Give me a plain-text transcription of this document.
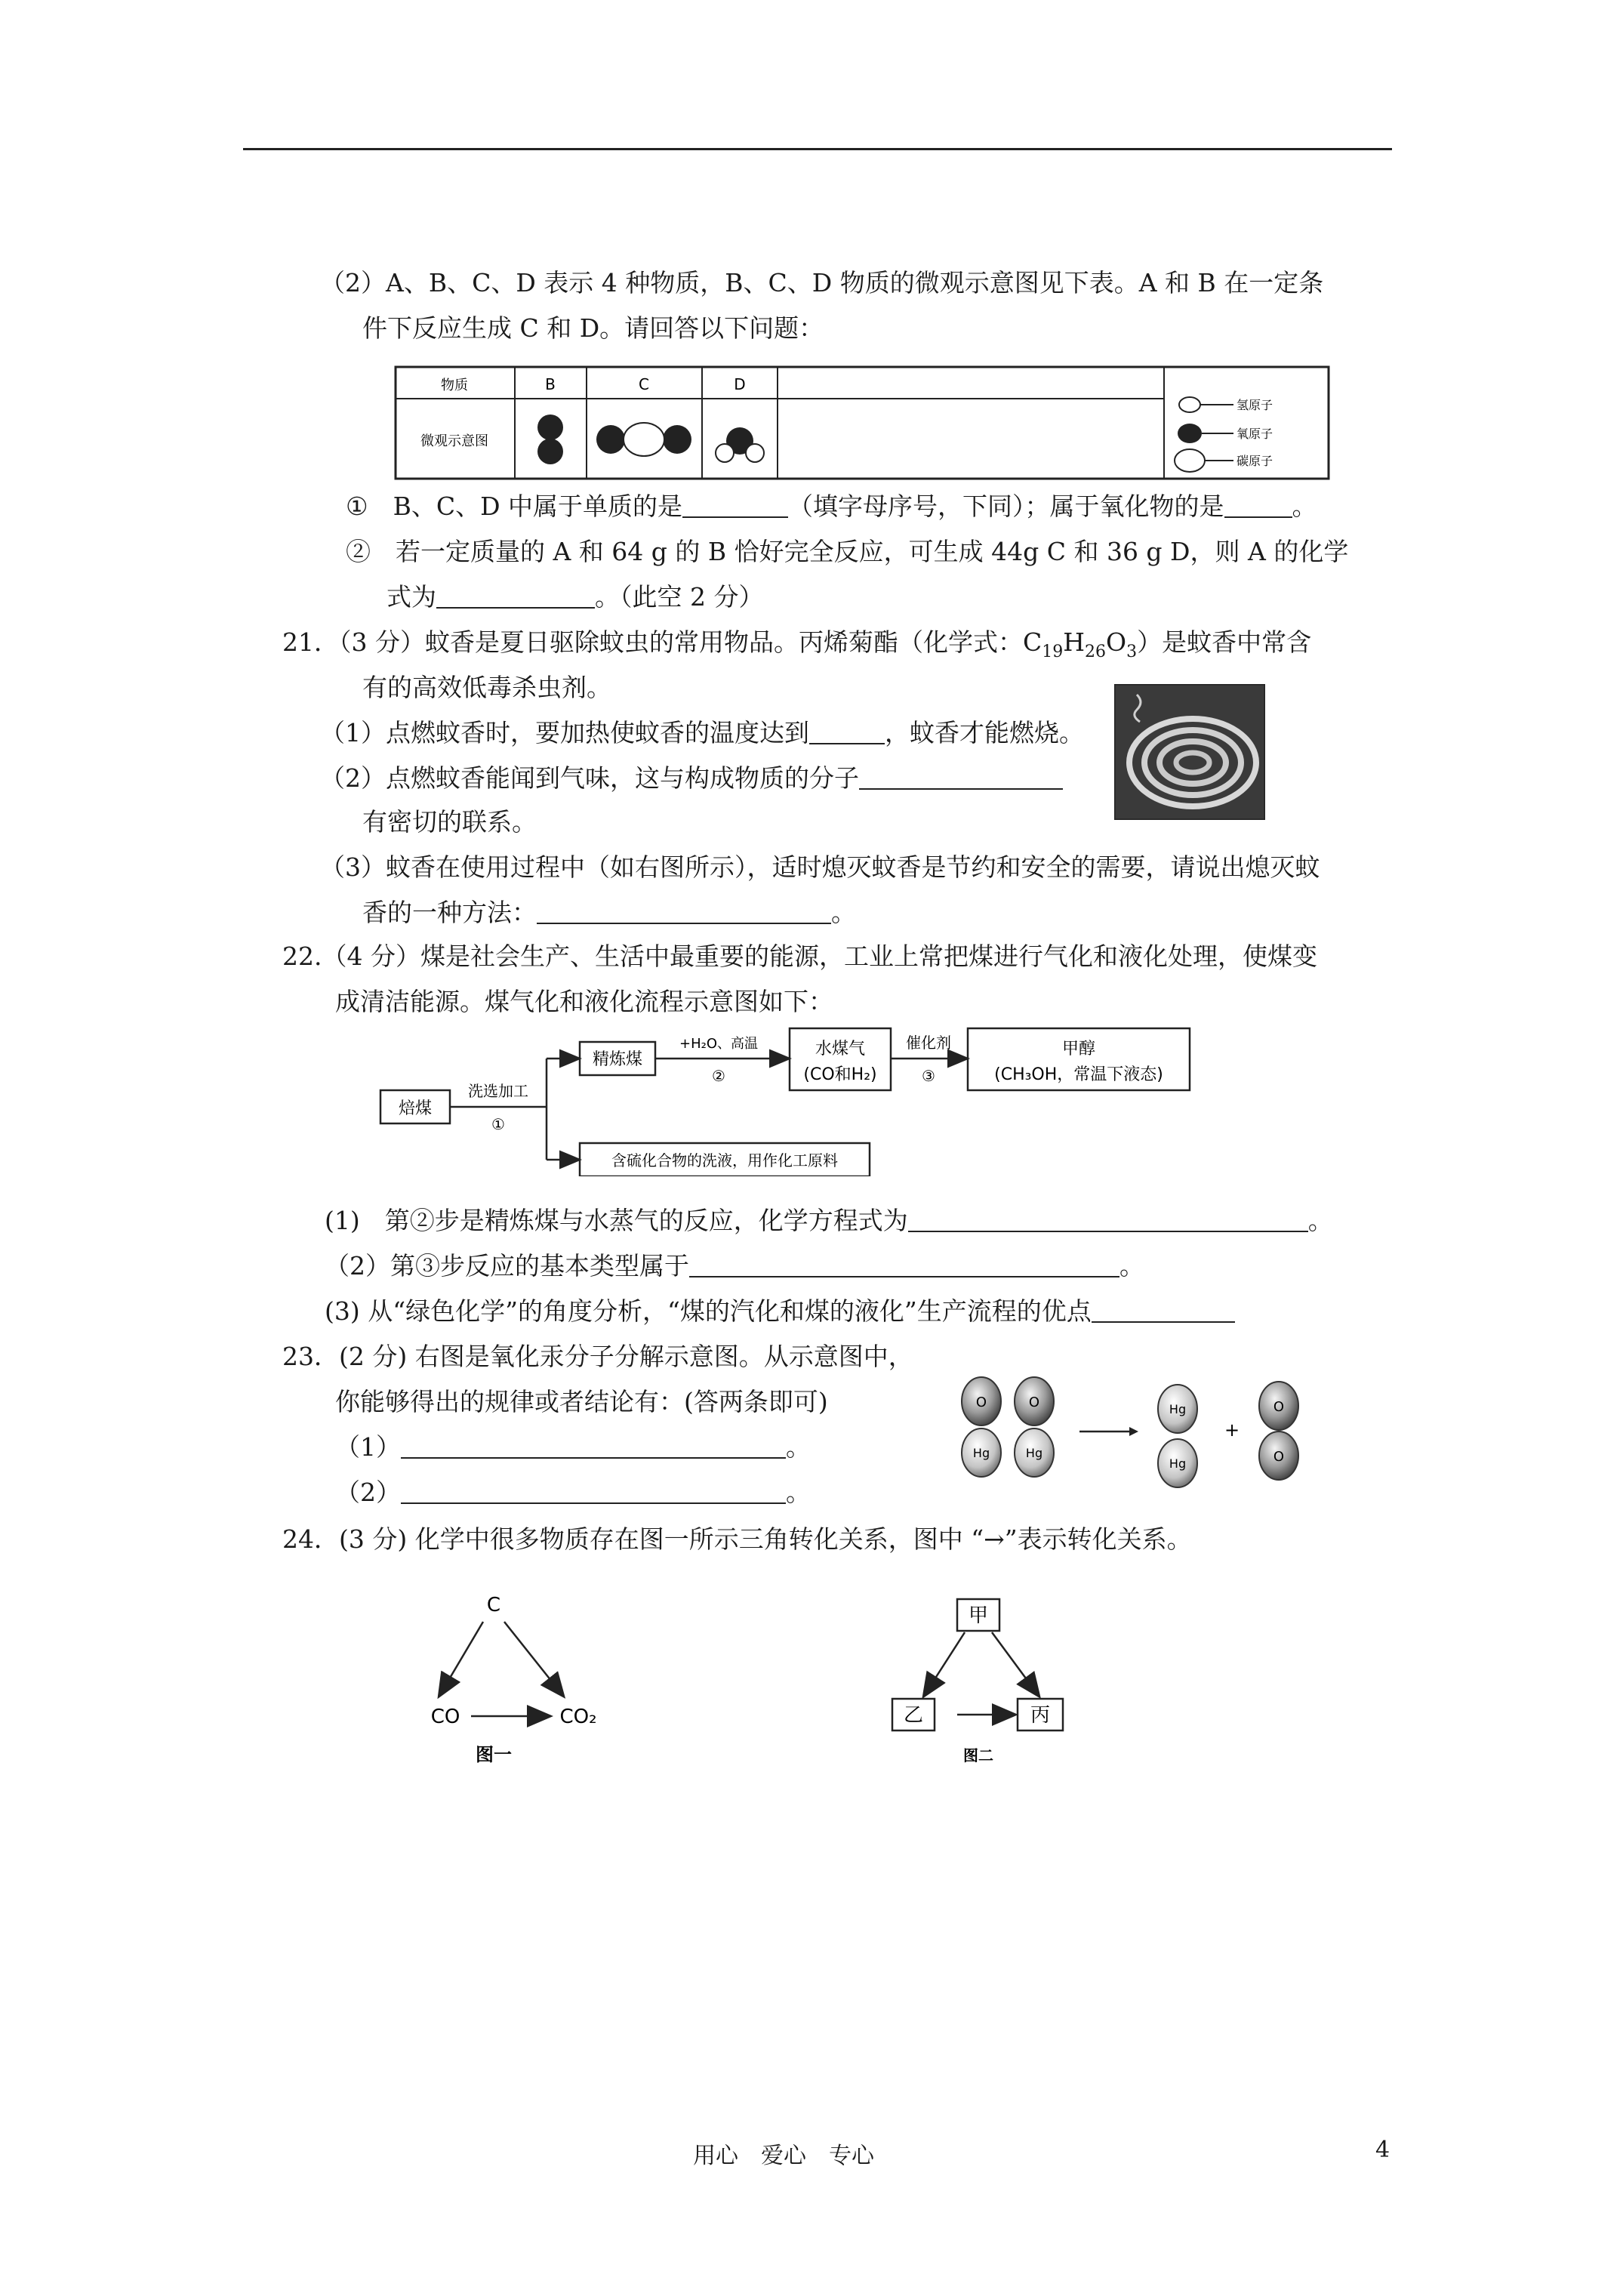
（2）A、B、C、D 表示 4 种物质，B、C、D 物质的微观示意图见下表。A 和 B 在一定条
件下反应生成 C 和 D。请回答以下问题：
物质	B	C	D
微观示意图
氢原子
氧原子
碳原子
①　B、C、D 中属于单质的是	（填字母序号，下同）；属于氧化物的是	。
②　若一定质量的 A 和 64 g 的 B 恰好完全反应，可生成 44g C 和 36 g D，则 A 的化学
式为	。（此空 2 分）
21．（3 分）蚊香是夏日驱除蚊虫的常用物品。丙烯菊酯（化学式：$C_{19}H_{26}O_3$）是蚊香中常含
有的高效低毒杀虫剂。
（1）点燃蚊香时，要加热使蚊香的温度达到	，蚊香才能燃烧。
（2）点燃蚊香能闻到气味，这与构成物质的分子
有密切的联系。
（3）蚊香在使用过程中（如右图所示），适时熄灭蚊香是节约和安全的需要，请说出熄灭蚊
香的一种方法：	。
22.（4 分）煤是社会生产、生活中最重要的能源，工业上常把煤进行气化和液化处理，使煤变
成清洁能源。煤气化和液化流程示意图如下：
焙煤
洗选加工
①
精炼煤
+H₂O、高温
②
水煤气
(CO和H₂)
催化剂
③
甲醇
(CH₃OH，常温下液态)
含硫化合物的洗液，用作化工原料
(1)　第②步是精炼煤与水蒸气的反应，化学方程式为	。
（2）第③步反应的基本类型属于	。
(3) 从“绿色化学”的角度分析，“煤的汽化和煤的液化”生产流程的优点
23．(2 分) 右图是氧化汞分子分解示意图。从示意图中，
你能够得出的规律或者结论有：(答两条即可)
（1）	。
（2）	。
O
Hg
O
Hg
Hg
Hg
+
O
O
24．(3 分) 化学中很多物质存在图一所示三角转化关系，图中 “→”表示转化关系。
C
CO	CO₂
图一
甲
乙	丙
图二
用心　爱心　专心	4
